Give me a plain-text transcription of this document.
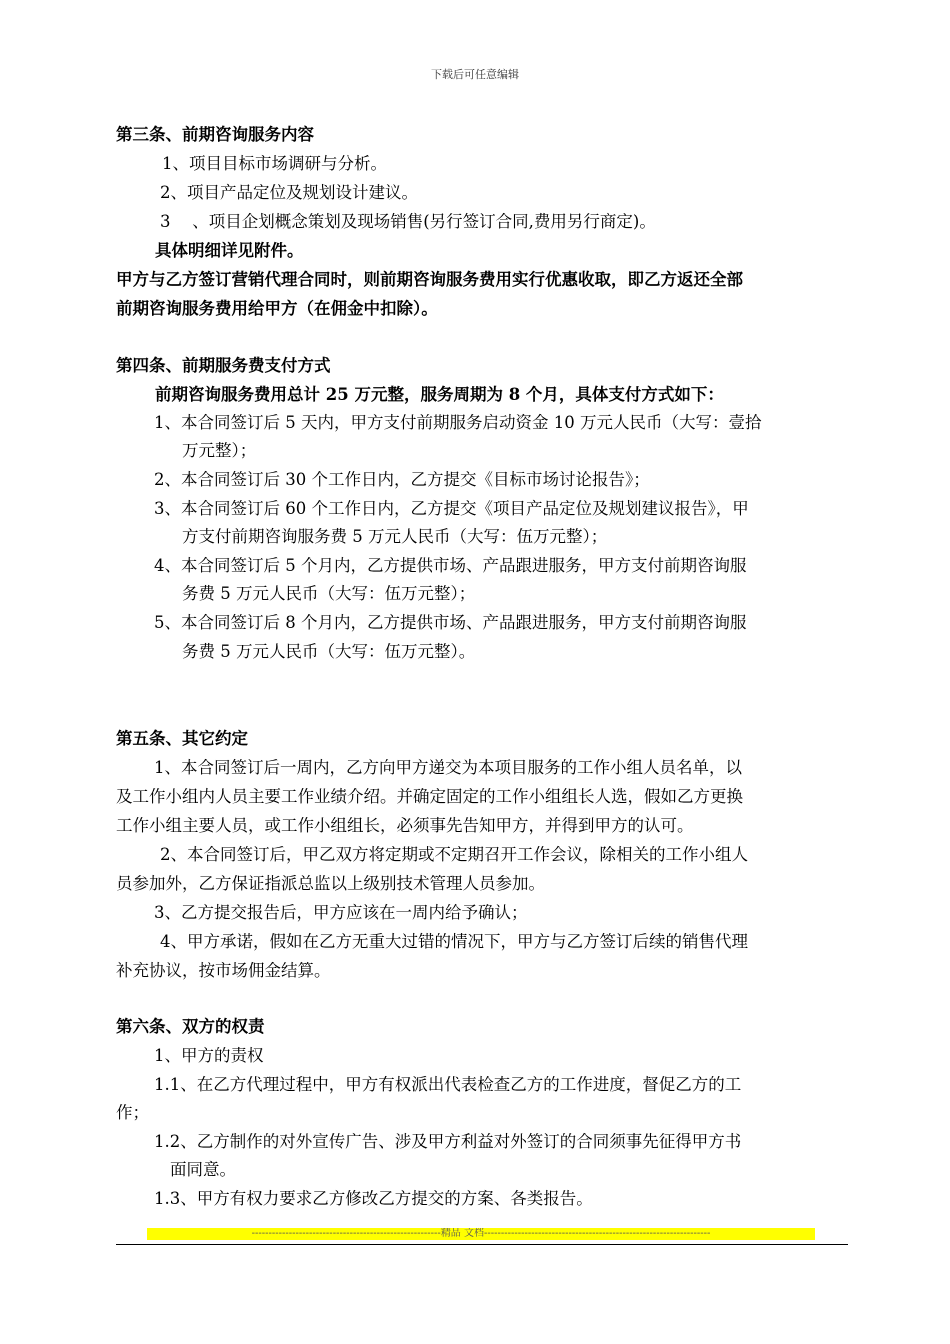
下载后可任意编辑
第三条、前期咨询服务内容
1、项目目标市场调研与分析。
2、项目产品定位及规划设计建议。
3 　、项目企划概念策划及现场销售(另行签订合同,费用另行商定)。
具体明细详见附件。
甲方与乙方签订营销代理合同时，则前期咨询服务费用实行优惠收取，即乙方返还全部
前期咨询服务费用给甲方（在佣金中扣除）。
第四条、前期服务费支付方式
前期咨询服务费用总计 25 万元整，服务周期为 8 个月，具体支付方式如下：
1、本合同签订后 5 天内，甲方支付前期服务启动资金 10 万元人民币（大写：壹拾
万元整）；
2、本合同签订后 30 个工作日内，乙方提交《目标市场讨论报告》；
3、本合同签订后 60 个工作日内，乙方提交《项目产品定位及规划建议报告》，甲
方支付前期咨询服务费 5 万元人民币（大写：伍万元整）；
4、本合同签订后 5 个月内，乙方提供市场、产品跟进服务，甲方支付前期咨询服
务费 5 万元人民币（大写：伍万元整）；
5、本合同签订后 8 个月内，乙方提供市场、产品跟进服务，甲方支付前期咨询服
务费 5 万元人民币（大写：伍万元整）。
第五条、其它约定
1、本合同签订后一周内，乙方向甲方递交为本项目服务的工作小组人员名单，以
及工作小组内人员主要工作业绩介绍。并确定固定的工作小组组长人选，假如乙方更换
工作小组主要人员，或工作小组组长，必须事先告知甲方，并得到甲方的认可。
2、本合同签订后，甲乙双方将定期或不定期召开工作会议，除相关的工作小组人
员参加外，乙方保证指派总监以上级别技术管理人员参加。
3、乙方提交报告后，甲方应该在一周内给予确认；
4、甲方承诺，假如在乙方无重大过错的情况下，甲方与乙方签订后续的销售代理
补充协议，按市场佣金结算。
第六条、双方的权责
1、甲方的责权
1.1、在乙方代理过程中，甲方有权派出代表检查乙方的工作进度，督促乙方的工
作；
1.2、乙方制作的对外宣传广告、涉及甲方利益对外签订的合同须事先征得甲方书
面同意。
1.3、甲方有权力要求乙方修改乙方提交的方案、各类报告。
--------------------------------------------------------精品 文档-------------------------------------------------------------------
